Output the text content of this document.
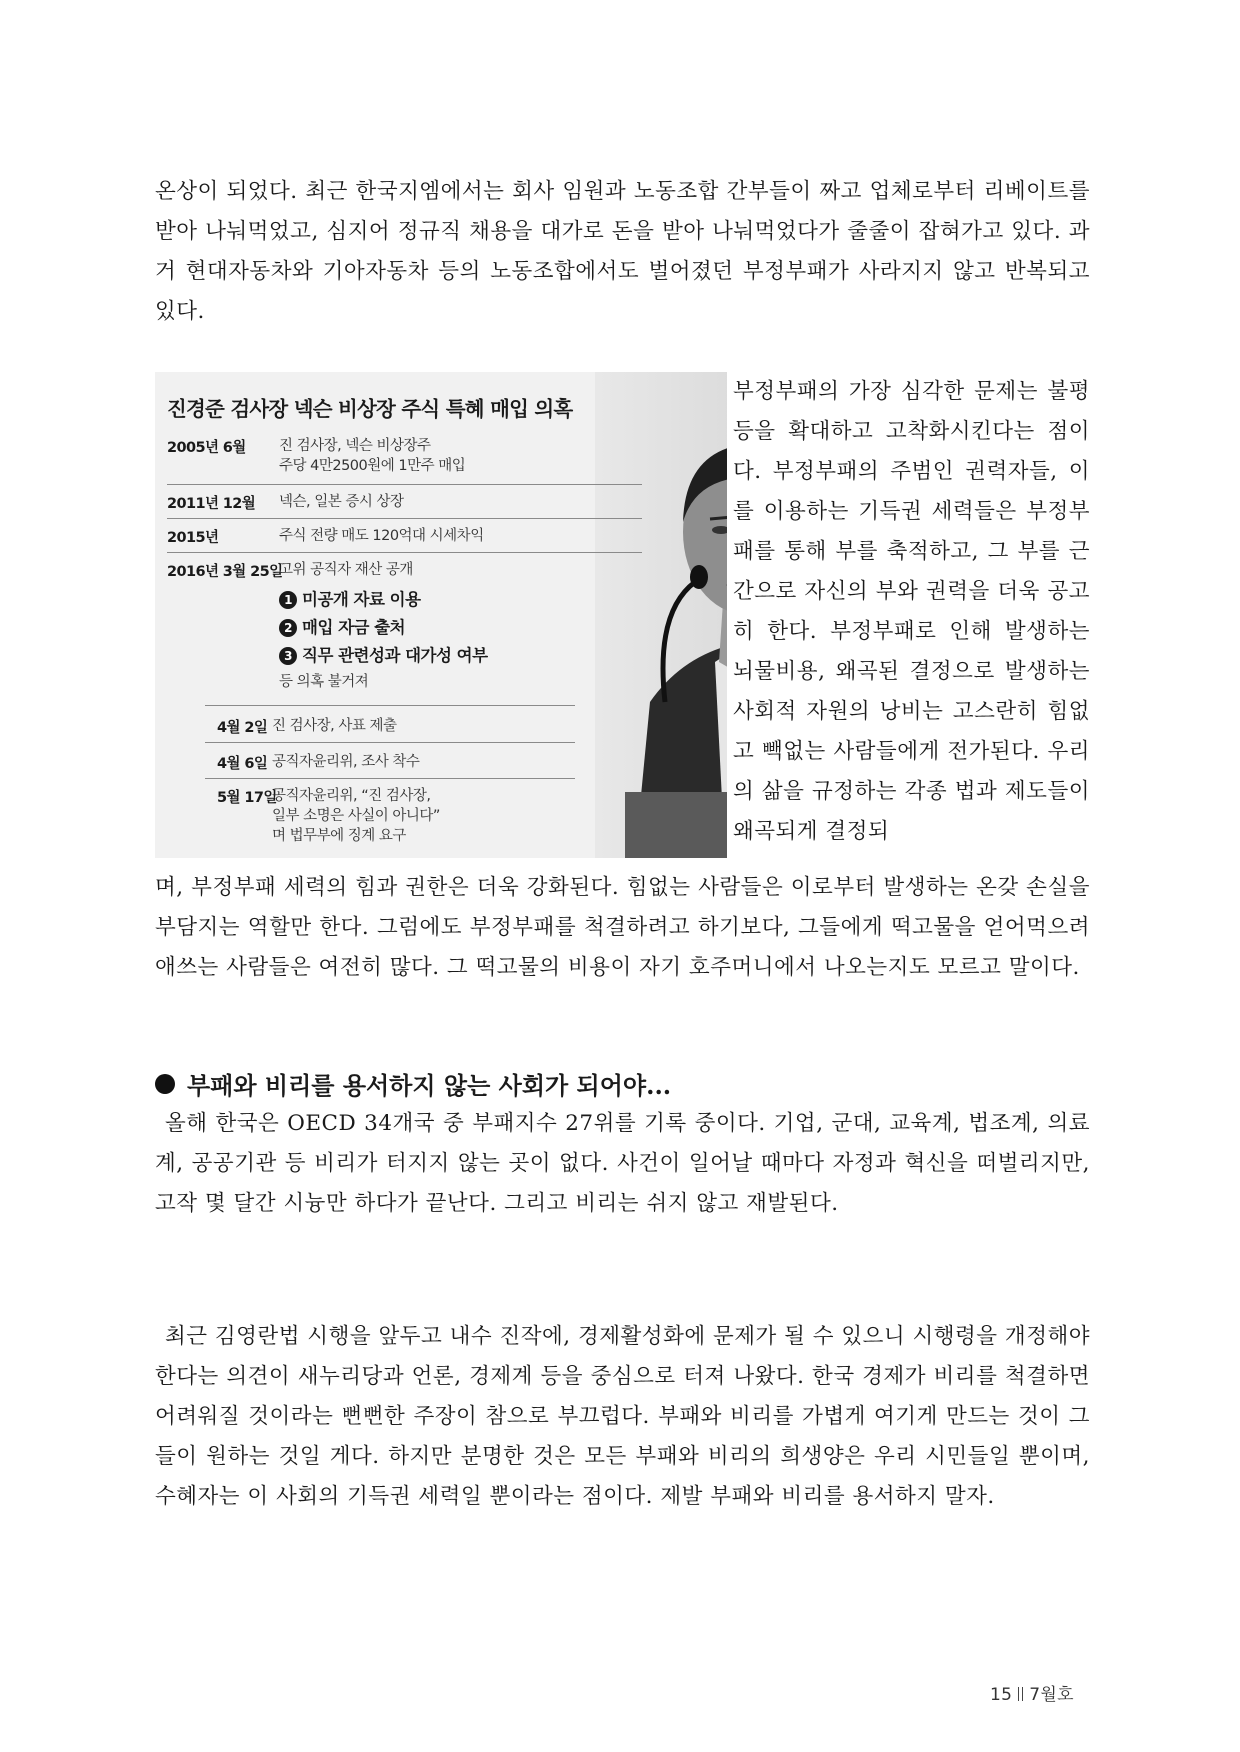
온상이 되었다. 최근 한국지엠에서는 회사 임원과 노동조합 간부들이 짜고 업체로부터 리베이트를 받아 나눠먹었고, 심지어 정규직 채용을 대가로 돈을 받아 나눠먹었다가 줄줄이 잡혀가고 있다. 과거 현대자동차와 기아자동차 등의 노동조합에서도 벌어졌던 부정부패가 사라지지 않고 반복되고 있다.

진경준 검사장 넥슨 비상장 주식 특혜 매입 의혹
2005년 6월 진 검사장, 넥슨 비상장주
주당 4만2500원에 1만주 매입
2011년 12월 넥슨, 일본 증시 상장
2015년	주식 전량 매도 120억대 시세차익
2016년 3월 25일
고위 공직자 재산 공개
1 미공개 자료 이용
2 매입 자금 출처
3 직무 관련성과 대가성 여부
등 의혹 불거져
4월 2일 진 검사장, 사표 제출
4월 6일 공직자윤리위, 조사 착수
5월 17일
공직자윤리위, “진 검사장,
일부 소명은 사실이 아니다”
며 법무부에 징계 요구

부정부패의 가장 심각한 문제는 불평등을 확대하고 고착화시킨다는 점이다. 부정부패의 주범인 권력자들, 이를 이용하는 기득권 세력들은 부정부패를 통해 부를 축적하고, 그 부를 근간으로 자신의 부와 권력을 더욱 공고히 한다. 부정부패로 인해 발생하는 뇌물비용, 왜곡된 결정으로 발생하는 사회적 자원의 낭비는 고스란히 힘없고 빽없는 사람들에게 전가된다. 우리의 삶을 규정하는 각종 법과 제도들이 왜곡되게 결정되

며, 부정부패 세력의 힘과 권한은 더욱 강화된다. 힘없는 사람들은 이로부터 발생하는 온갖 손실을 부담지는 역할만 한다. 그럼에도 부정부패를 척결하려고 하기보다, 그들에게 떡고물을 얻어먹으려 애쓰는 사람들은 여전히 많다. 그 떡고물의 비용이 자기 호주머니에서 나오는지도 모르고 말이다.

부패와 비리를 용서하지 않는 사회가 되어야...

올해 한국은 OECD 34개국 중 부패지수 27위를 기록 중이다. 기업, 군대, 교육계, 법조계, 의료계, 공공기관 등 비리가 터지지 않는 곳이 없다. 사건이 일어날 때마다 자정과 혁신을 떠벌리지만, 고작 몇 달간 시늉만 하다가 끝난다. 그리고 비리는 쉬지 않고 재발된다.

최근 김영란법 시행을 앞두고 내수 진작에, 경제활성화에 문제가 될 수 있으니 시행령을 개정해야 한다는 의견이 새누리당과 언론, 경제계 등을 중심으로 터져 나왔다. 한국 경제가 비리를 척결하면 어려워질 것이라는 뻔뻔한 주장이 참으로 부끄럽다. 부패와 비리를 가볍게 여기게 만드는 것이 그들이 원하는 것일 게다. 하지만 분명한 것은 모든 부패와 비리의 희생양은 우리 시민들일 뿐이며, 수혜자는 이 사회의 기득권 세력일 뿐이라는 점이다. 제발 부패와 비리를 용서하지 말자.

15 7월호
